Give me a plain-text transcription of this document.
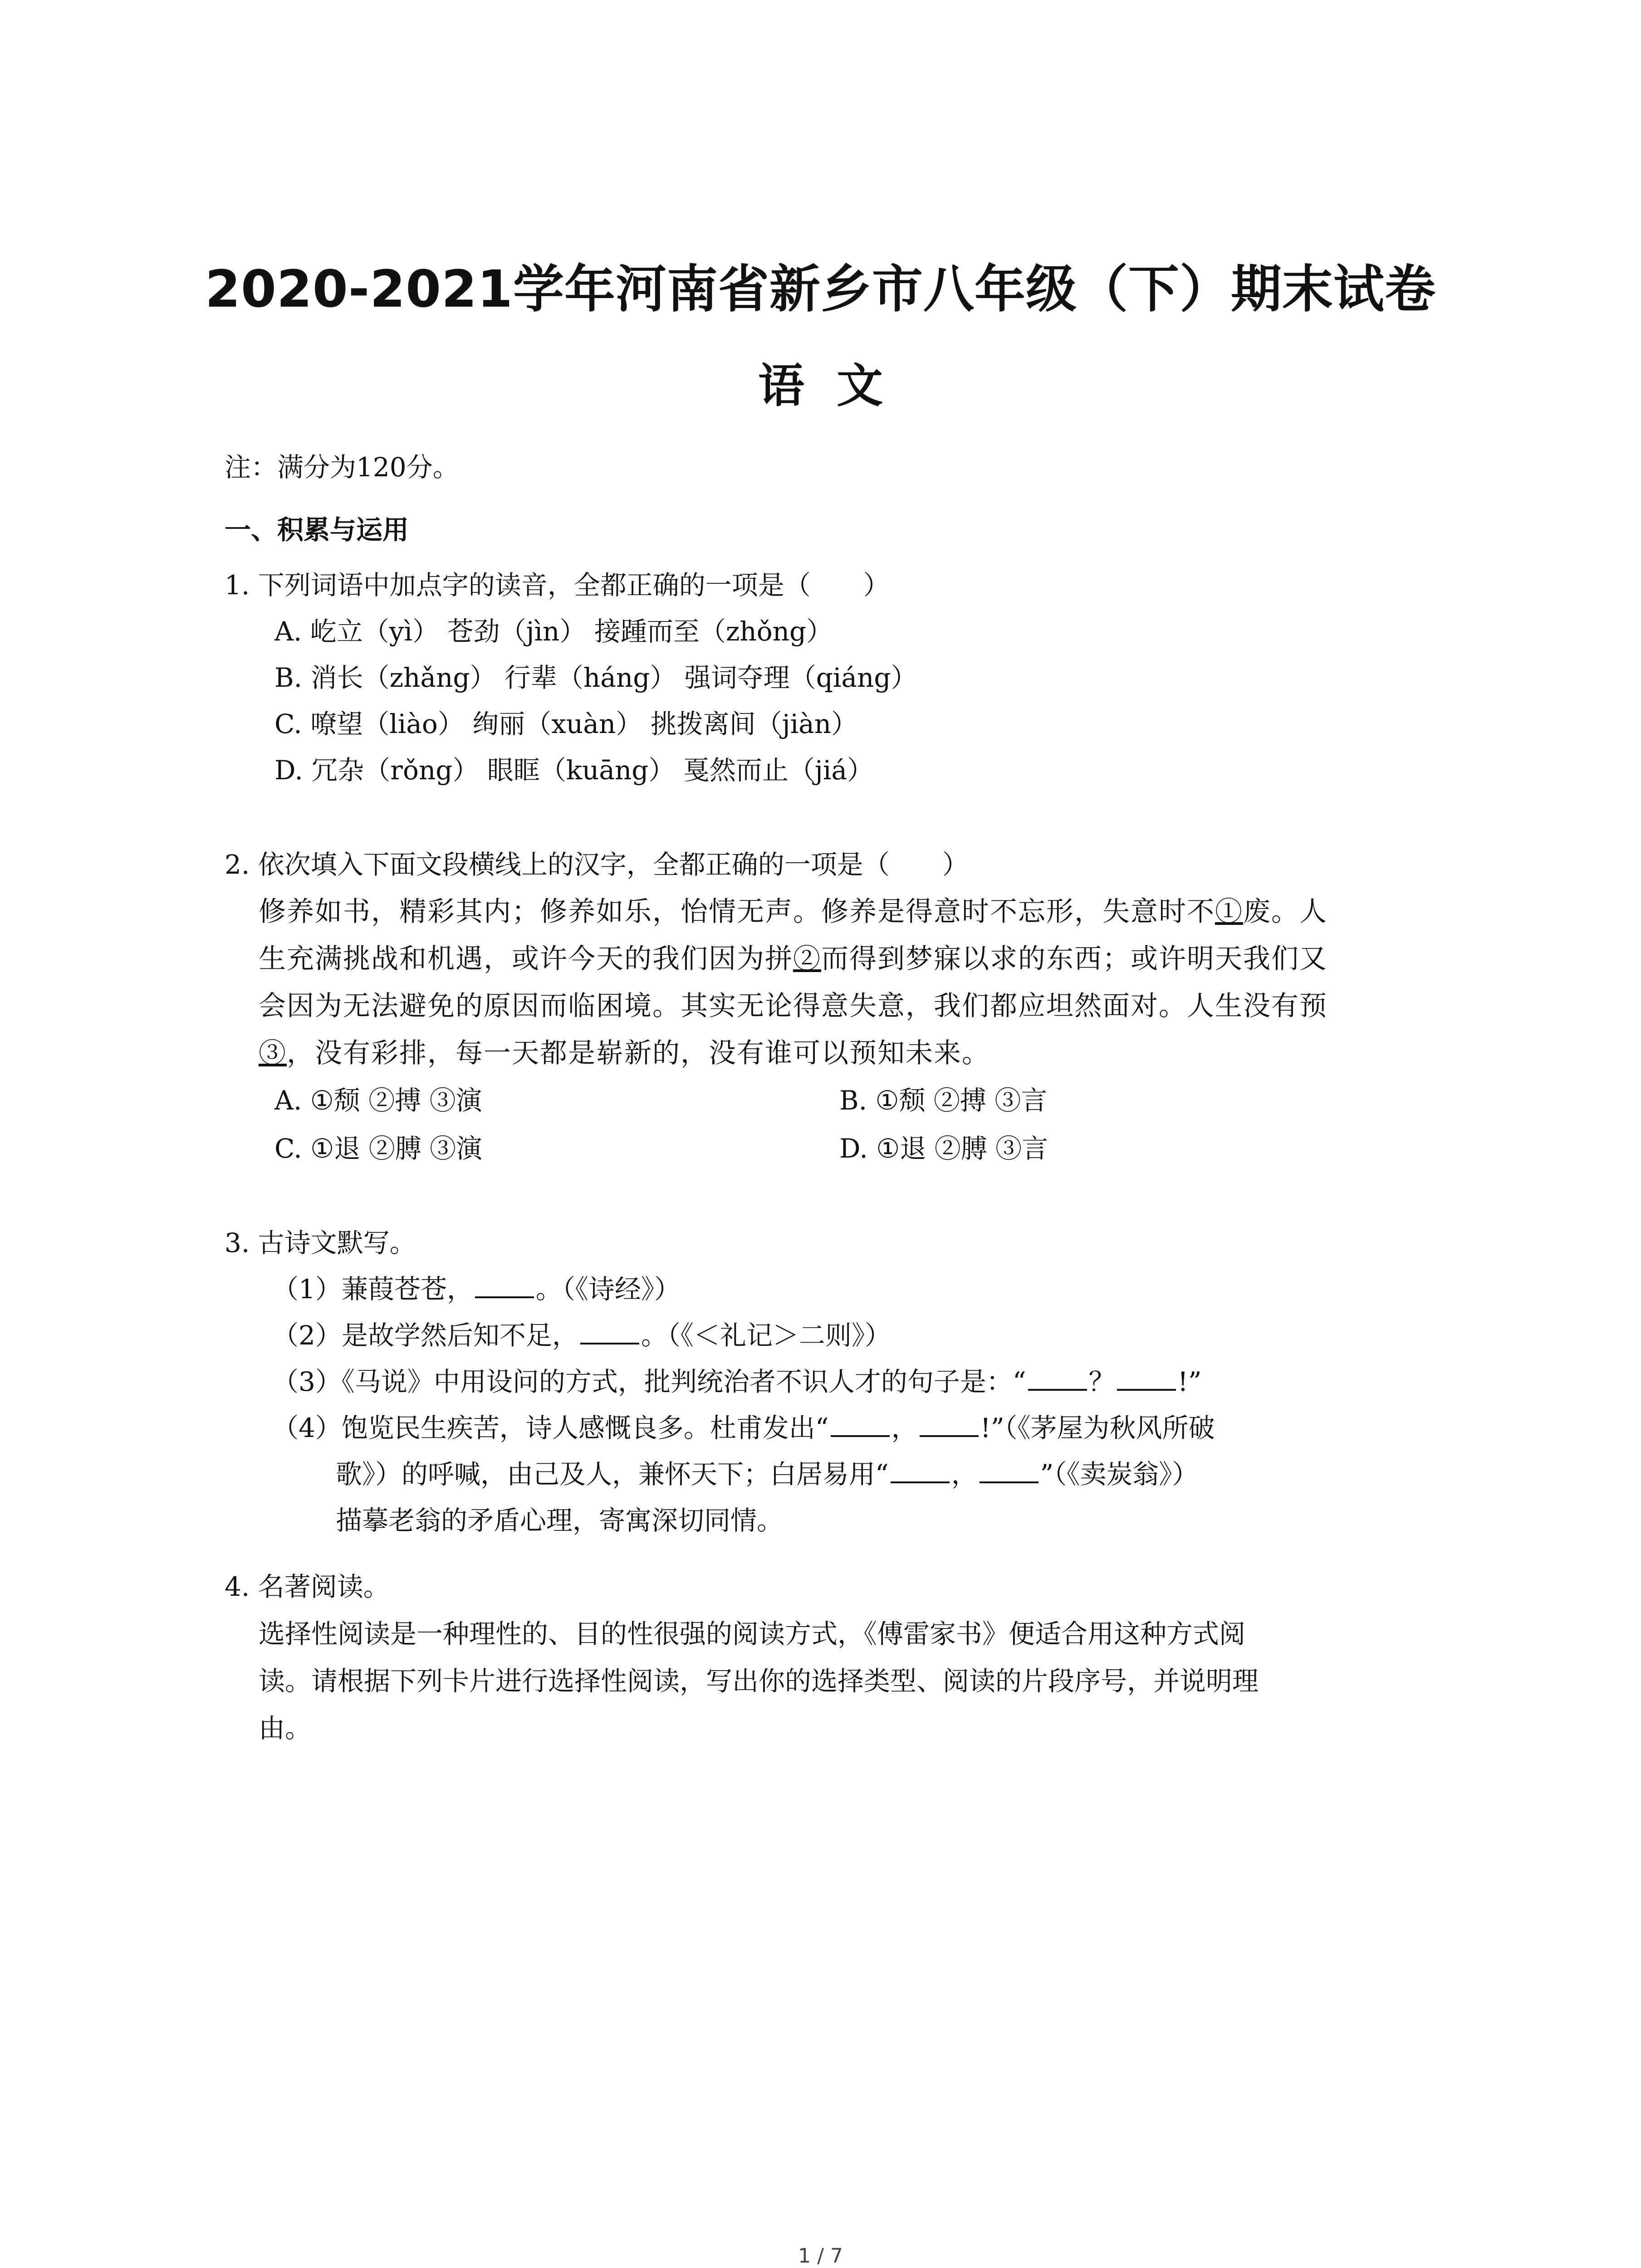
2020-2021学年河南省新乡市八年级（下）期末试卷
语  文
注：满分为120分。
一、积累与运用
1. 下列词语中加点字的读音，全都正确的一项是（　　）
A. 屹立（yì） 苍劲（jìn） 接踵而至（zhǒng）
B. 消长（zhǎng） 行辈（háng） 强词夺理（qiáng）
C. 嘹望（liào） 绚丽（xuàn） 挑拨离间（jiàn）
D. 冗杂（rǒng） 眼眶（kuāng） 戛然而止（jiá）
2. 依次填入下面文段横线上的汉字，全都正确的一项是（　　）
修养如书，精彩其内；修养如乐，怡情无声。修养是得意时不忘形，失意时不①废。人
生充满挑战和机遇，或许今天的我们因为拼②而得到梦寐以求的东西；或许明天我们又
会因为无法避免的原因而临困境。其实无论得意失意，我们都应坦然面对。人生没有预
③，没有彩排，每一天都是崭新的，没有谁可以预知未来。
A. ①颓 ②搏 ③演	B. ①颓 ②搏 ③言
C. ①退 ②膊 ③演	D. ①退 ②膊 ③言
3. 古诗文默写。
（1）蒹葭苍苍， 。（《诗经》）
（2）是故学然后知不足， 。（《＜礼记＞二则》）
（3）《马说》中用设问的方式，批判统治者不识人才的句子是：“ ？ !”
（4）饱览民生疾苦，诗人感慨良多。杜甫发出“ ， !”（《茅屋为秋风所破
歌》）的呼喊，由己及人，兼怀天下；白居易用“ ， ”（《卖炭翁》）
描摹老翁的矛盾心理，寄寓深切同情。
4. 名著阅读。
选择性阅读是一种理性的、目的性很强的阅读方式，《傅雷家书》便适合用这种方式阅
读。请根据下列卡片进行选择性阅读，写出你的选择类型、阅读的片段序号，并说明理
由。
1 / 7
